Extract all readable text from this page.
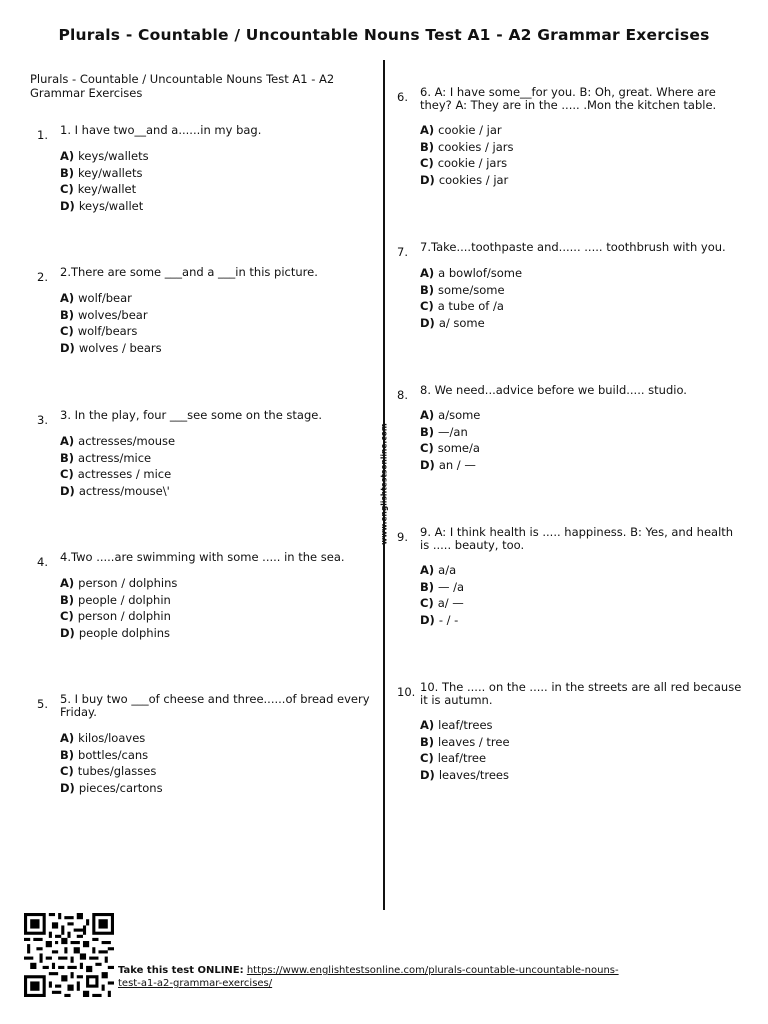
Plurals - Countable / Uncountable Nouns Test A1 - A2 Grammar Exercises
Plurals - Countable / Uncountable Nouns Test A1 - A2 Grammar Exercises
www.englishtestsonline.com
1. 1. I have two__and a......in my bag.
A) keys/wallets
B) key/wallets
C) key/wallet
D) keys/wallet
2. 2.There are some ___and a ___in this picture.
A) wolf/bear
B) wolves/bear
C) wolf/bears
D) wolves / bears
3. 3. In the play, four ___see some on the stage.
A) actresses/mouse
B) actress/mice
C) actresses / mice
D) actress/mouse\'
4. 4.Two .....are swimming with some ..... in the sea.
A) person / dolphins
B) people / dolphin
C) person / dolphin
D) people dolphins
5. 5. I buy two ___of cheese and three......of bread every Friday.
A) kilos/loaves
B) bottles/cans
C) tubes/glasses
D) pieces/cartons
6. 6. A: I have some__for you. B: Oh, great. Where are they? A: They are in the ..... .Mon the kitchen table.
A) cookie / jar
B) cookies / jars
C) cookie / jars
D) cookies / jar
7. 7.Take....toothpaste and...... ..... toothbrush with you.
A) a bowlof/some
B) some/some
C) a tube of /a
D) a/ some
8. 8. We need...advice before we build..... studio.
A) a/some
B) —/an
C) some/a
D) an / —
9. 9. A: I think health is ..... happiness. B: Yes, and health is ..... beauty, too.
A) a/a
B) — /a
C) a/ —
D) - / -
10. 10. The ..... on the ..... in the streets are all red because it is autumn.
A) leaf/trees
B) leaves / tree
C) leaf/tree
D) leaves/trees
Take this test ONLINE: https://www.englishtestsonline.com/plurals-countable-uncountable-nouns-
test-a1-a2-grammar-exercises/
